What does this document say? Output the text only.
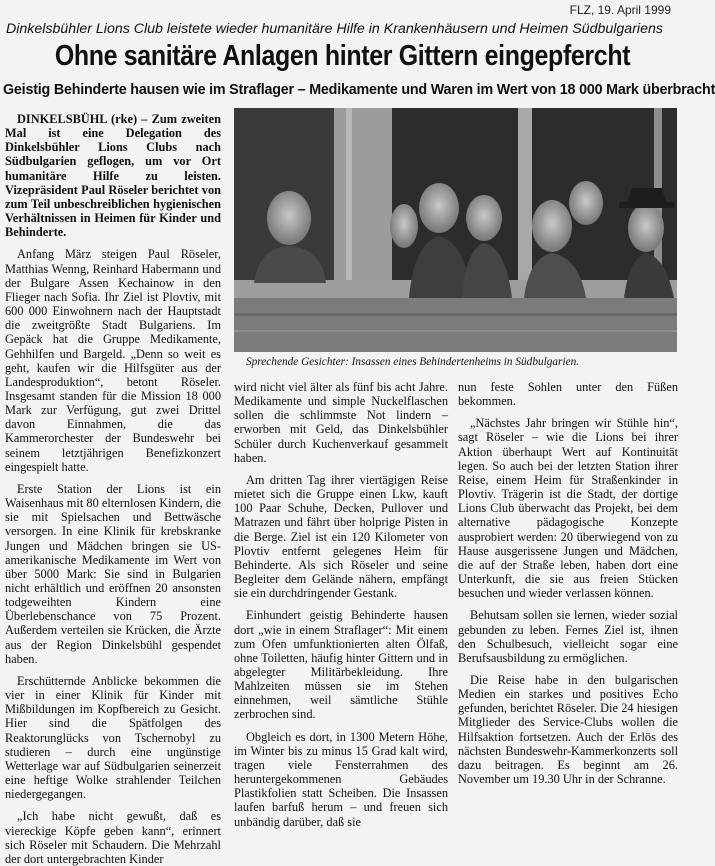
FLZ, 19. April 1999
Dinkelsbühler Lions Club leistete wieder humanitäre Hilfe in Krankenhäusern und Heimen Südbulgariens
Ohne sanitäre Anlagen hinter Gittern eingepfercht
Geistig Behinderte hausen wie im Straflager – Medikamente und Waren im Wert von 18 000 Mark überbracht
Sprechende Gesichter: Insassen eines Behindertenheims in Südbulgarien.

DINKELSBÜHL (rke) – Zum zweiten Mal ist eine Delegation des Dinkelsbühler Lions Clubs nach Südbulgarien geflogen, um vor Ort humanitäre Hilfe zu leisten. Vizepräsident Paul Röseler berichtet von zum Teil unbeschreiblichen hygienischen Verhältnissen in Heimen für Kinder und Behinderte.

Anfang März steigen Paul Röseler, Matthias Wenng, Reinhard Habermann und der Bulgare Assen Kechainow in den Flieger nach Sofia. Ihr Ziel ist Plovtiv, mit 600 000 Einwohnern nach der Hauptstadt die zweitgrößte Stadt Bulgariens. Im Gepäck hat die Gruppe Medikamente, Gehhilfen und Bargeld. „Denn so weit es geht, kaufen wir die Hilfsgüter aus der Landesproduktion“, betont Röseler. Insgesamt standen für die Mission 18 000 Mark zur Verfügung, gut zwei Drittel davon Einnahmen, die das Kammerorchester der Bundeswehr bei seinem letztjährigen Benefizkonzert eingespielt hatte.

Erste Station der Lions ist ein Waisenhaus mit 80 elternlosen Kindern, die sie mit Spielsachen und Bettwäsche versorgen. In eine Klinik für krebskranke Jungen und Mädchen bringen sie US-amerikanische Medikamente im Wert von über 5000 Mark: Sie sind in Bulgarien nicht erhältlich und eröffnen 20 ansonsten todgeweihten Kindern eine Überlebenschance von 75 Prozent. Außerdem verteilen sie Krücken, die Ärzte aus der Region Dinkelsbühl gespendet haben.

Erschütternde Anblicke bekommen die vier in einer Klinik für Kinder mit Mißbildungen im Kopfbereich zu Gesicht. Hier sind die Spätfolgen des Reaktorunglücks von Tschernobyl zu studieren – durch eine ungünstige Wetterlage war auf Südbulgarien seinerzeit eine heftige Wolke strahlender Teilchen niedergegangen.

„Ich habe nicht gewußt, daß es viereckige Köpfe geben kann“, erinnert sich Röseler mit Schaudern. Die Mehrzahl der dort untergebrachten Kinder

wird nicht viel älter als fünf bis acht Jahre. Medikamente und simple Nuckelflaschen sollen die schlimmste Not lindern – erworben mit Geld, das Dinkelsbühler Schüler durch Kuchenverkauf gesammelt haben.

Am dritten Tag ihrer viertägigen Reise mietet sich die Gruppe einen Lkw, kauft 100 Paar Schuhe, Decken, Pullover und Matrazen und fährt über holprige Pisten in die Berge. Ziel ist ein 120 Kilometer von Plovtiv entfernt gelegenes Heim für Behinderte. Als sich Röseler und seine Begleiter dem Gelände nähern, empfängt sie ein durchdringender Gestank.

Einhundert geistig Behinderte hausen dort „wie in einem Straflager“: Mit einem zum Ofen umfunktionierten alten Ölfaß, ohne Toiletten, häufig hinter Gittern und in abgelegter Militärbekleidung. Ihre Mahlzeiten müssen sie im Stehen einnehmen, weil sämtliche Stühle zerbrochen sind.

Obgleich es dort, in 1300 Metern Höhe, im Winter bis zu minus 15 Grad kalt wird, tragen viele Fensterrahmen des heruntergekommenen Gebäudes Plastikfolien statt Scheiben. Die Insassen laufen barfuß herum – und freuen sich unbändig darüber, daß sie

nun feste Sohlen unter den Füßen bekommen.

„Nächstes Jahr bringen wir Stühle hin“, sagt Röseler – wie die Lions bei ihrer Aktion überhaupt Wert auf Kontinuität legen. So auch bei der letzten Station ihrer Reise, einem Heim für Straßenkinder in Plovtiv. Trägerin ist die Stadt, der dortige Lions Club überwacht das Projekt, bei dem alternative pädagogische Konzepte ausprobiert werden: 20 überwiegend von zu Hause ausgerissene Jungen und Mädchen, die auf der Straße leben, haben dort eine Unterkunft, die sie aus freien Stücken besuchen und wieder verlassen können.

Behutsam sollen sie lernen, wieder sozial gebunden zu leben. Fernes Ziel ist, ihnen den Schulbesuch, vielleicht sogar eine Berufsausbildung zu ermöglichen.

Die Reise habe in den bulgarischen Medien ein starkes und positives Echo gefunden, berichtet Röseler. Die 24 hiesigen Mitglieder des Service-Clubs wollen die Hilfsaktion fortsetzen. Auch der Erlös des nächsten Bundeswehr-Kammerkonzerts soll dazu beitragen. Es beginnt am 26. November um 19.30 Uhr in der Schranne.
